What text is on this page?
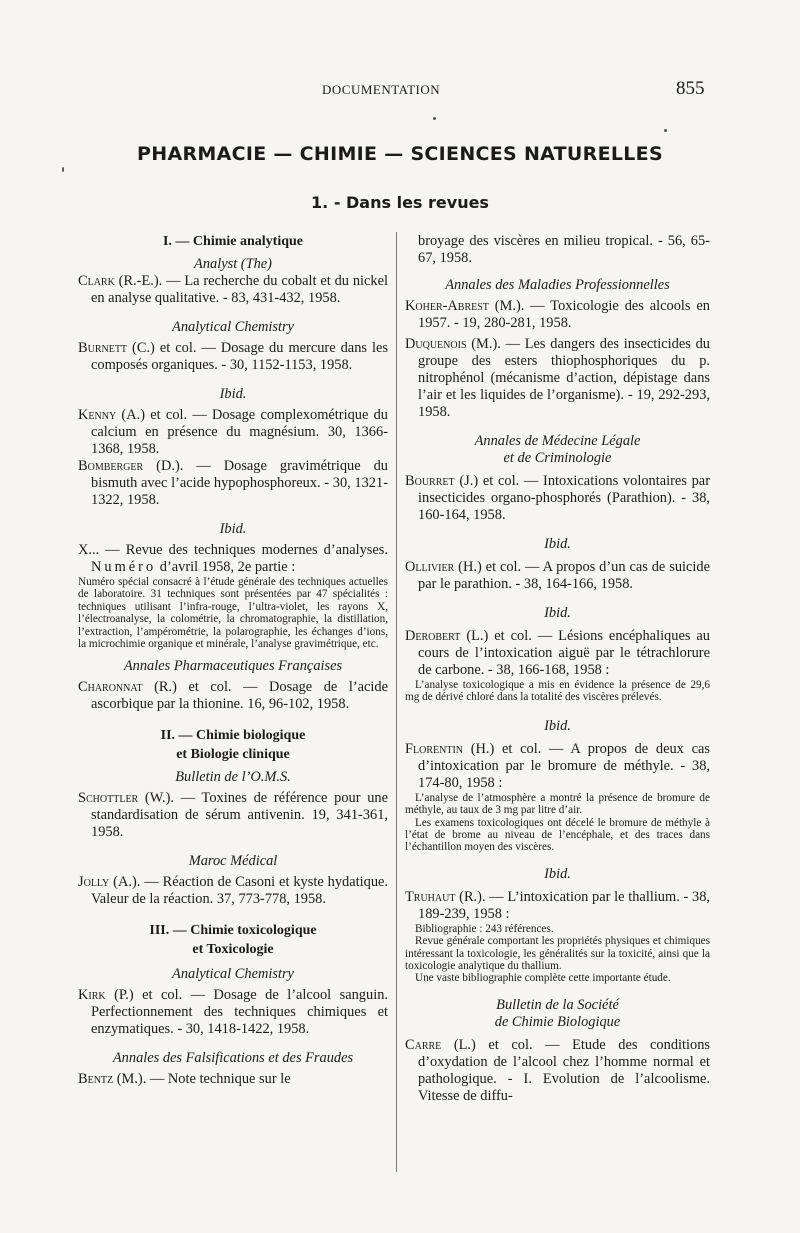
DOCUMENTATION	855
PHARMACIE — CHIMIE — SCIENCES NATURELLES
1. - Dans les revues

I. — Chimie analytique

Analyst (The)

Clark (R.-E.). — La recherche du cobalt et du nickel en analyse qualitative. - 83, 431-432, 1958.

Analytical Chemistry

Burnett (C.) et col. — Dosage du mercure dans les composés organiques. - 30, 1152-1153, 1958.

Ibid.

Kenny (A.) et col. — Dosage complexométrique du calcium en présence du magnésium. 30, 1366-1368, 1958.

Bomberger (D.). — Dosage gravimétrique du bismuth avec l’acide hypophosphoreux. - 30, 1321-1322, 1958.

Ibid.

X... — Revue des techniques modernes d’analyses. Numéro d’avril 1958, 2e partie :

Numéro spécial consacré à l’étude générale des techniques actuelles de laboratoire. 31 techniques sont présentées par 47 spécialités : techniques utilisant l’infra-rouge, l’ultra-violet, les rayons X, l’électroanalyse, la colométrie, la chromatographie, la distillation, l’extraction, l’ampérométrie, la polarographie, les échanges d’ions, la microchimie organique et minérale, l’analyse gravimétrique, etc.

Annales Pharmaceutiques Françaises

Charonnat (R.) et col. — Dosage de l’acide ascorbique par la thionine. 16, 96-102, 1958.

II. — Chimie biologique

et Biologie clinique

Bulletin de l’O.M.S.

Schottler (W.). — Toxines de référence pour une standardisation de sérum antivenin. 19, 341-361, 1958.

Maroc Médical

Jolly (A.). — Réaction de Casoni et kyste hydatique. Valeur de la réaction. 37, 773-778, 1958.

III. — Chimie toxicologique

et Toxicologie

Analytical Chemistry

Kirk (P.) et col. — Dosage de l’alcool sanguin. Perfectionnement des techniques chimiques et enzymatiques. - 30, 1418-1422, 1958.

Annales des Falsifications et des Fraudes

Bentz (M.). — Note technique sur le

broyage des viscères en milieu tropical. - 56, 65-67, 1958.

Annales des Maladies Professionnelles

Koher-Abrest (M.). — Toxicologie des alcools en 1957. - 19, 280-281, 1958.

Duquenois (M.). — Les dangers des insecticides du groupe des esters thiophosphoriques du p. nitrophénol (mécanisme d’action, dépistage dans l’air et les liquides de l’organisme). - 19, 292-293, 1958.

Annales de Médecine Légale

et de Criminologie

Bourret (J.) et col. — Intoxications volontaires par insecticides organo-phosphorés (Parathion). - 38, 160-164, 1958.

Ibid.

Ollivier (H.) et col. — A propos d’un cas de suicide par le parathion. - 38, 164-166, 1958.

Ibid.

Derobert (L.) et col. — Lésions encéphaliques au cours de l’intoxication aiguë par le tétrachlorure de carbone. - 38, 166-168, 1958 :

L’analyse toxicologique a mis en évidence la présence de 29,6 mg de dérivé chloré dans la totalité des viscères prélevés.

Ibid.

Florentin (H.) et col. — A propos de deux cas d’intoxication par le bromure de méthyle. - 38, 174-80, 1958 :

L’analyse de l’atmosphère a montré la présence de bromure de méthyle, au taux de 3 mg par litre d’air.

Les examens toxicologiques ont décelé le bromure de méthyle à l’état de brome au niveau de l’encéphale, et des traces dans l’échantillon moyen des viscères.

Ibid.

Truhaut (R.). — L’intoxication par le thallium. - 38, 189-239, 1958 :

Bibliographie : 243 références.

Revue générale comportant les propriétés physiques et chimiques intéressant la toxicologie, les généralités sur la toxicité, ainsi que la toxicologie analytique du thallium.

Une vaste bibliographie complète cette importante étude.

Bulletin de la Société

de Chimie Biologique

Carre (L.) et col. — Etude des conditions d’oxydation de l’alcool chez l’homme normal et pathologique. - I. Evolution de l’alcoolisme. Vitesse de diffu-
